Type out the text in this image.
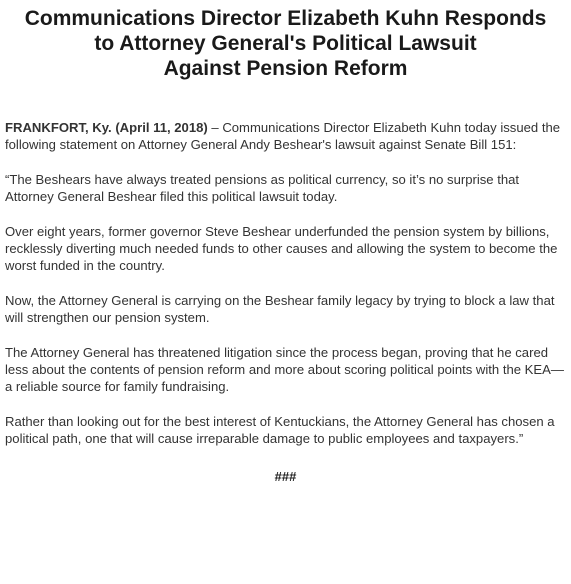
Communications Director Elizabeth Kuhn Responds
to Attorney General's Political Lawsuit
Against Pension Reform

FRANKFORT, Ky. (April 11, 2018) – Communications Director Elizabeth Kuhn today issued the following statement on Attorney General Andy Beshear's lawsuit against Senate Bill 151:

“The Beshears have always treated pensions as political currency, so it’s no surprise that Attorney General Beshear filed this political lawsuit today.

Over eight years, former governor Steve Beshear underfunded the pension system by billions, recklessly diverting much needed funds to other causes and allowing the system to become the worst funded in the country.

Now, the Attorney General is carrying on the Beshear family legacy by trying to block a law that will strengthen our pension system.

The Attorney General has threatened litigation since the process began, proving that he cared less about the contents of pension reform and more about scoring political points with the KEA—a reliable source for family fundraising.

Rather than looking out for the best interest of Kentuckians, the Attorney General has chosen a political path, one that will cause irreparable damage to public employees and taxpayers.”

###
